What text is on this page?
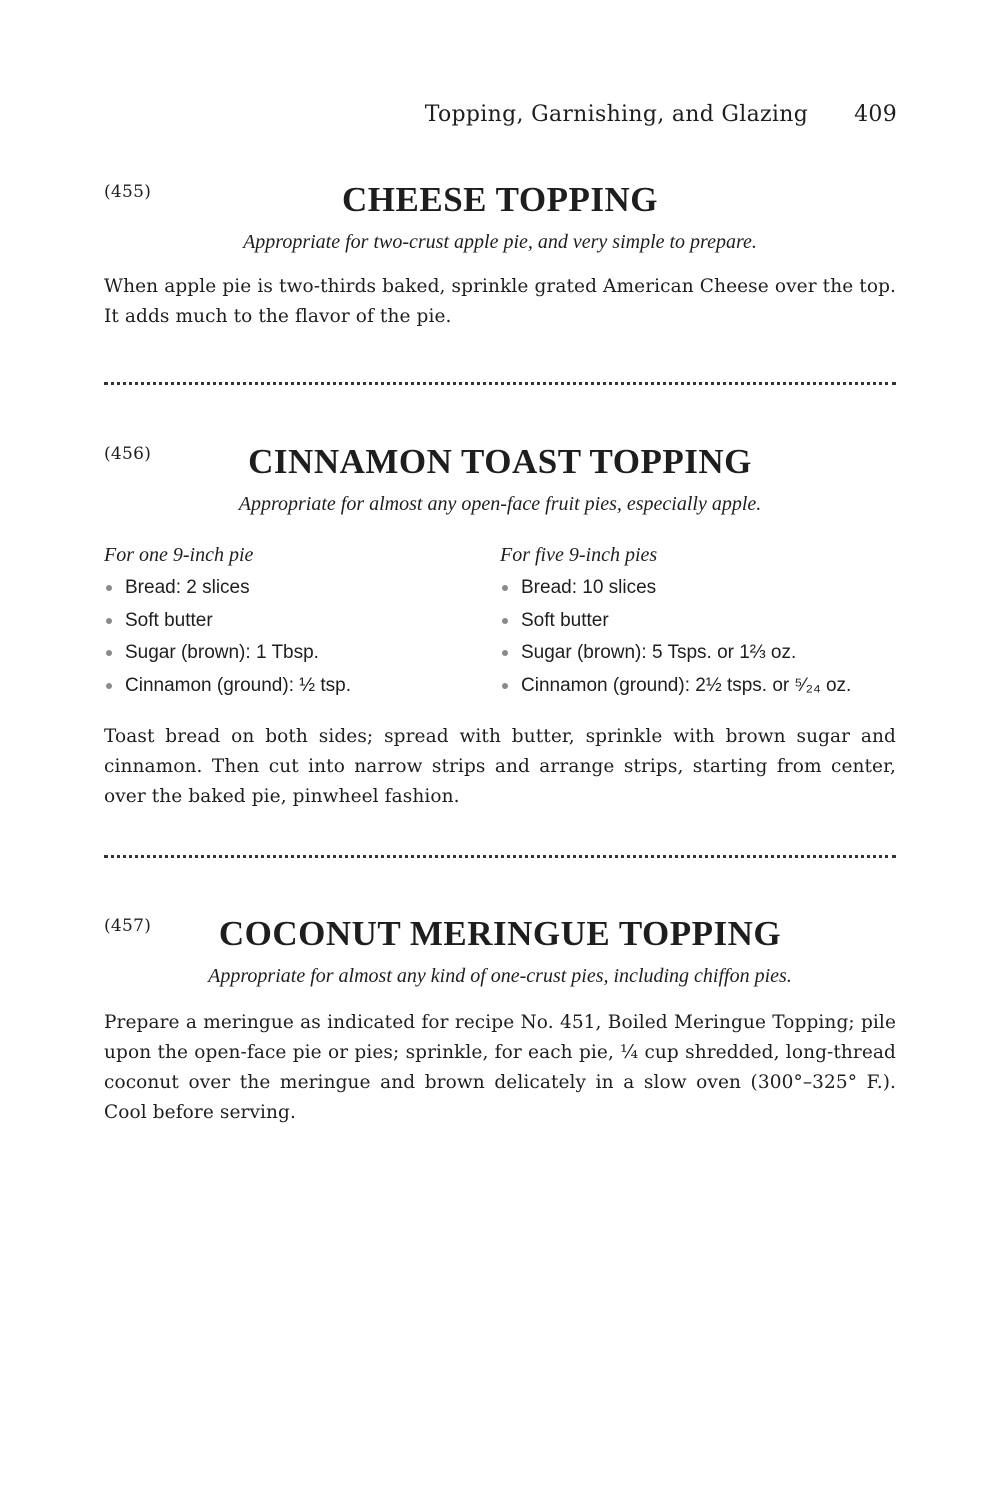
Topping, Garnishing, and Glazing 409
(455)	CHEESE TOPPING
Appropriate for two-crust apple pie, and very simple to prepare.

When apple pie is two-thirds baked, sprinkle grated American Cheese over the top. It adds much to the flavor of the pie.

(456)	CINNAMON TOAST TOPPING
Appropriate for almost any open-face fruit pies, especially apple.
For one 9-inch pie
Bread: 2 slices
Soft butter
Sugar (brown): 1 Tbsp.
Cinnamon (ground): ½ tsp.
For five 9-inch pies
Bread: 10 slices
Soft butter
Sugar (brown): 5 Tsps. or 1⅔ oz.
Cinnamon (ground): 2½ tsps. or ⁵⁄₂₄ oz.

Toast bread on both sides; spread with butter, sprinkle with brown sugar and cinnamon. Then cut into narrow strips and arrange strips, starting from center, over the baked pie, pinwheel fashion.

(457)	COCONUT MERINGUE TOPPING
Appropriate for almost any kind of one-crust pies, including chiffon pies.

Prepare a meringue as indicated for recipe No. 451, Boiled Meringue Topping; pile upon the open-face pie or pies; sprinkle, for each pie, ¼ cup shredded, long-thread coconut over the meringue and brown delicately in a slow oven (300°–325° F.). Cool before serving.
